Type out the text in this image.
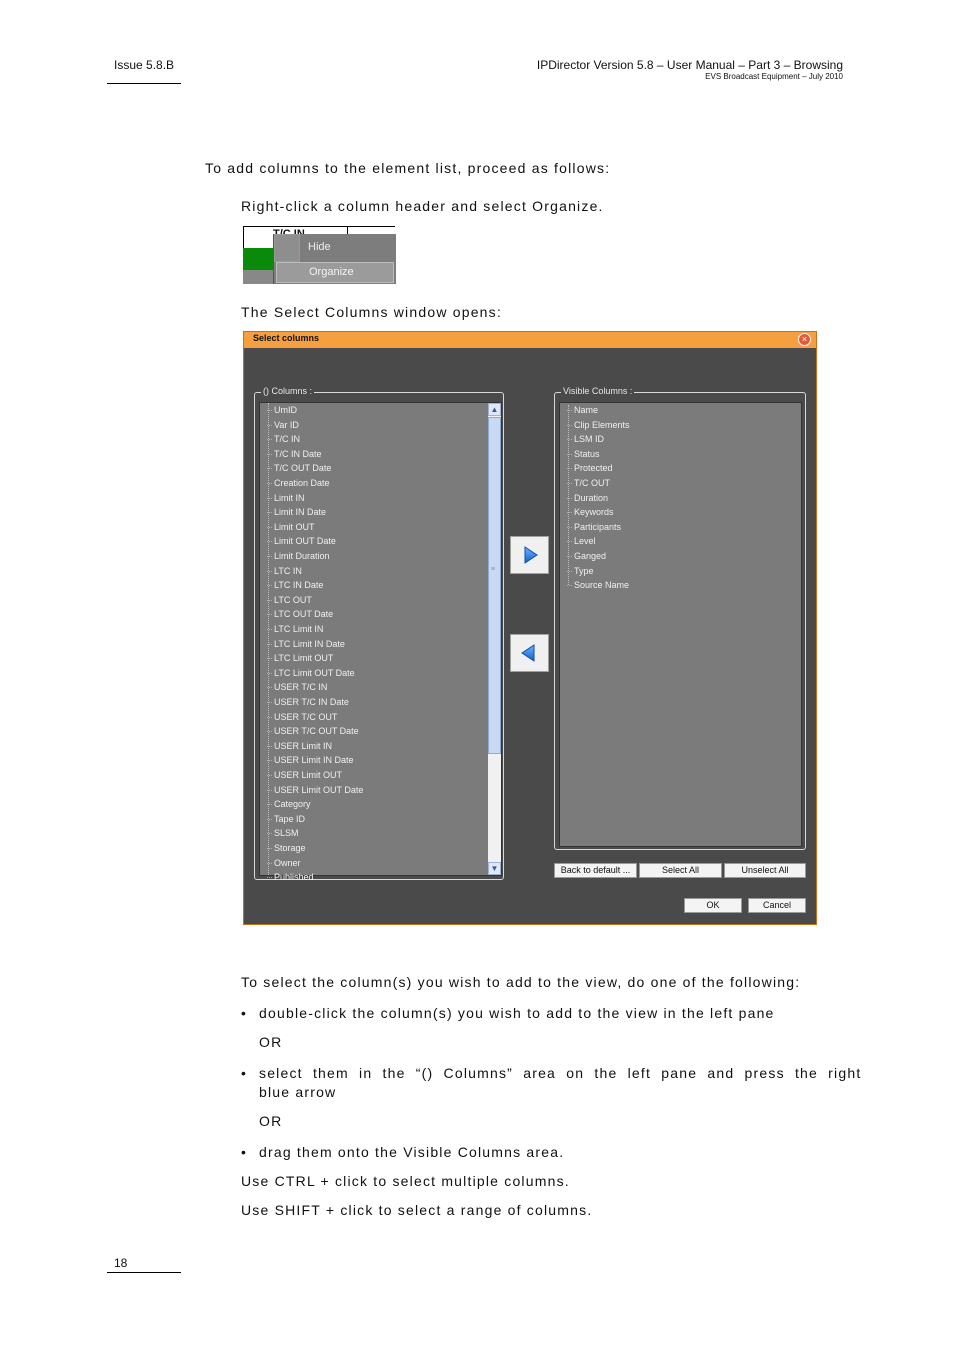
Issue 5.8.B	IPDirector Version 5.8 – User Manual – Part 3 – Browsing
EVS Broadcast Equipment – July 2010
To add columns to the element list, proceed as follows:
Right-click a column header and select Organize.
Hide
Organize
The Select Columns window opens:
Select columns	×
() Columns :
··· UmID
··· Var ID
··· T/C IN
··· T/C IN Date
··· T/C OUT Date
··· Creation Date
··· Limit IN
··· Limit IN Date
··· Limit OUT
··· Limit OUT Date
··· Limit Duration
··· LTC IN
··· LTC IN Date
··· LTC OUT
··· LTC OUT Date
··· LTC Limit IN
··· LTC Limit IN Date
··· LTC Limit OUT
··· LTC Limit OUT Date
··· USER T/C IN
··· USER T/C IN Date
··· USER T/C OUT
··· USER T/C OUT Date
··· USER Limit IN
··· USER Limit IN Date
··· USER Limit OUT
··· USER Limit OUT Date
··· Category
··· Tape ID
··· SLSM
··· Storage
··· Owner
··· Published
▲
≡
▼
Visible Columns :
··· Name
··· Clip Elements
··· LSM ID
··· Status
··· Protected
··· T/C OUT
··· Duration
··· Keywords
··· Participants
··· Level
··· Ganged
··· Type
··· Source Name
Back to default ...	Select All	Unselect All
OK	Cancel
To select the column(s) you wish to add to the view, do one of the following:
• double-click the column(s) you wish to add to the view in the left pane
OR
• select  them  in  the  “()  Columns”  area  on  the  left  pane  and  press  the  right
blue arrow
OR
• drag them onto the Visible Columns area.
Use CTRL + click to select multiple columns.
Use SHIFT + click to select a range of columns.
18
